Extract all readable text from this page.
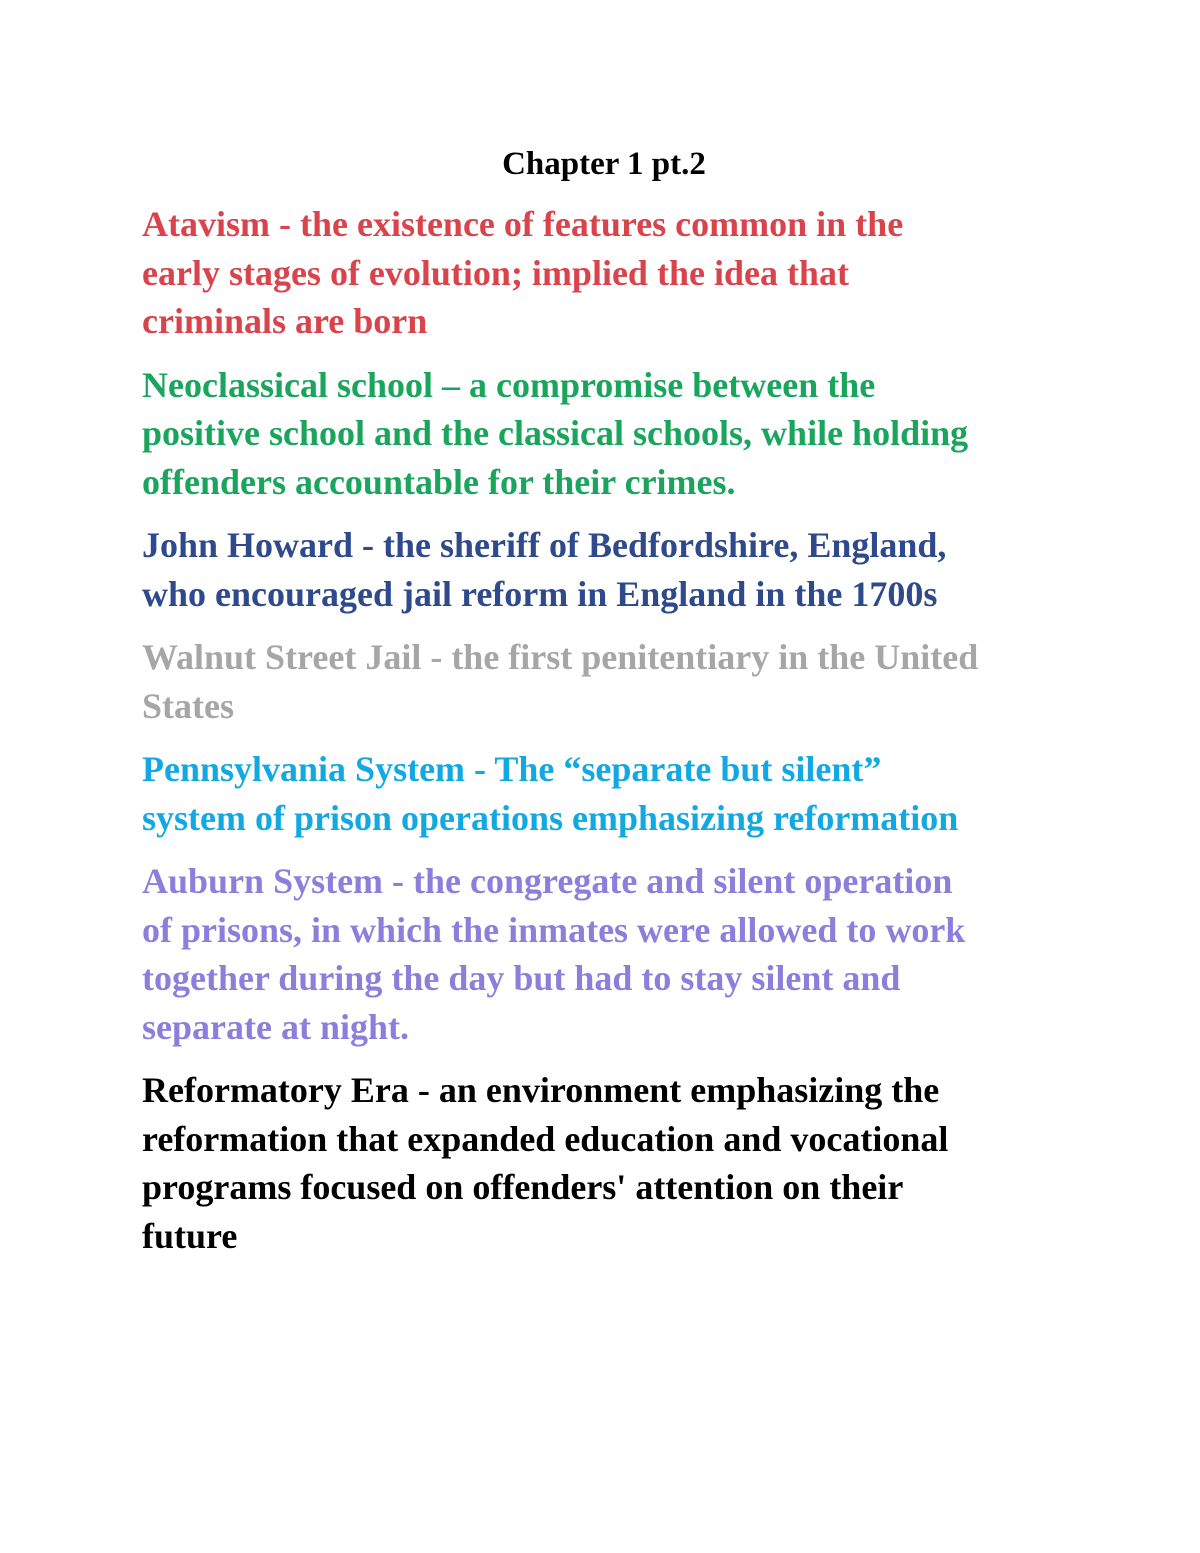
Chapter 1 pt.2

Atavism - the existence of features common in the
early stages of evolution; implied the idea that
criminals are born

Neoclassical school – a compromise between the
positive school and the classical schools, while holding
offenders accountable for their crimes.

John Howard - the sheriff of Bedfordshire, England,
who encouraged jail reform in England in the 1700s

Walnut Street Jail - the first penitentiary in the United
States

Pennsylvania System - The “separate but silent”
system of prison operations emphasizing reformation

Auburn System - the congregate and silent operation
of prisons, in which the inmates were allowed to work
together during the day but had to stay silent and
separate at night.

Reformatory Era - an environment emphasizing the
reformation that expanded education and vocational
programs focused on offenders' attention on their
future
